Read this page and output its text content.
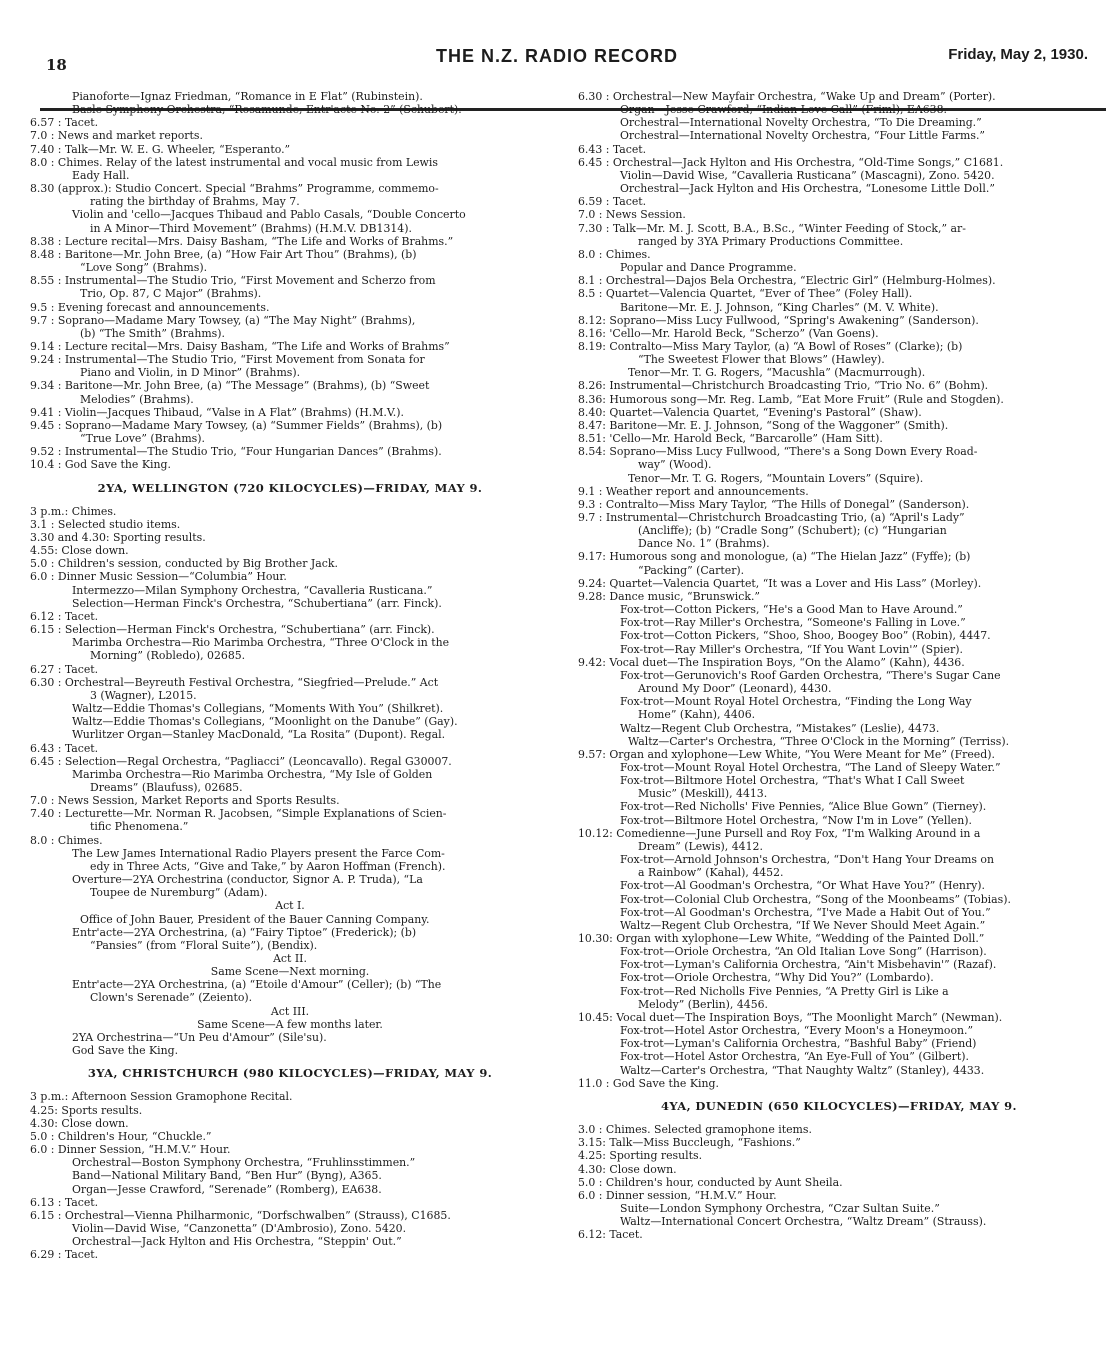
18	THE N.Z. RADIO RECORD	Friday, May 2, 1930.
Pianoforte—Ignaz Friedman, “Romance in E Flat” (Rubinstein).
Basle Symphony Orchestra, “Rosamunde, Entr'acte No. 2” (Schubert).
6.57 : Tacet.
7.0 : News and market reports.
7.40 : Talk—Mr. W. E. G. Wheeler, “Esperanto.”
8.0 : Chimes. Relay of the latest instrumental and vocal music from Lewis
Eady Hall.
8.30 (approx.): Studio Concert. Special “Brahms” Programme, commemo-
rating the birthday of Brahms, May 7.
Violin and 'cello—Jacques Thibaud and Pablo Casals, “Double Concerto
in A Minor—Third Movement” (Brahms) (H.M.V. DB1314).
8.38 : Lecture recital—Mrs. Daisy Basham, “The Life and Works of Brahms.”
8.48 : Baritone—Mr. John Bree, (a) “How Fair Art Thou” (Brahms), (b)
“Love Song” (Brahms).
8.55 : Instrumental—The Studio Trio, “First Movement and Scherzo from
Trio, Op. 87, C Major” (Brahms).
9.5 : Evening forecast and announcements.
9.7 : Soprano—Madame Mary Towsey, (a) “The May Night” (Brahms),
(b) “The Smith” (Brahms).
9.14 : Lecture recital—Mrs. Daisy Basham, “The Life and Works of Brahms”
9.24 : Instrumental—The Studio Trio, “First Movement from Sonata for
Piano and Violin, in D Minor” (Brahms).
9.34 : Baritone—Mr. John Bree, (a) “The Message” (Brahms), (b) “Sweet
Melodies” (Brahms).
9.41 : Violin—Jacques Thibaud, “Valse in A Flat” (Brahms) (H.M.V.).
9.45 : Soprano—Madame Mary Towsey, (a) “Summer Fields” (Brahms), (b)
“True Love” (Brahms).
9.52 : Instrumental—The Studio Trio, “Four Hungarian Dances” (Brahms).
10.4 : God Save the King.
2YA, WELLINGTON (720 KILOCYCLES)—FRIDAY, MAY 9.
3 p.m.: Chimes.
3.1 : Selected studio items.
3.30 and 4.30: Sporting results.
4.55: Close down.
5.0 : Children's session, conducted by Big Brother Jack.
6.0 : Dinner Music Session—“Columbia” Hour.
Intermezzo—Milan Symphony Orchestra, “Cavalleria Rusticana.”
Selection—Herman Finck's Orchestra, “Schubertiana” (arr. Finck).
6.12 : Tacet.
6.15 : Selection—Herman Finck's Orchestra, “Schubertiana” (arr. Finck).
Marimba Orchestra—Rio Marimba Orchestra, “Three O'Clock in the
Morning” (Robledo), 02685.
6.27 : Tacet.
6.30 : Orchestral—Beyreuth Festival Orchestra, “Siegfried—Prelude.” Act
3 (Wagner), L2015.
Waltz—Eddie Thomas's Collegians, “Moments With You” (Shilkret).
Waltz—Eddie Thomas's Collegians, “Moonlight on the Danube” (Gay).
Wurlitzer Organ—Stanley MacDonald, “La Rosita” (Dupont). Regal.
6.43 : Tacet.
6.45 : Selection—Regal Orchestra, “Pagliacci” (Leoncavallo). Regal G30007.
Marimba Orchestra—Rio Marimba Orchestra, “My Isle of Golden
Dreams” (Blaufuss), 02685.
7.0 : News Session, Market Reports and Sports Results.
7.40 : Lecturette—Mr. Norman R. Jacobsen, “Simple Explanations of Scien-
tific Phenomena.”
8.0 : Chimes.
The Lew James International Radio Players present the Farce Com-
edy in Three Acts, “Give and Take,” by Aaron Hoffman (French).
Overture—2YA Orchestrina (conductor, Signor A. P. Truda), “La
Toupee de Nuremburg” (Adam).
Act I.
Office of John Bauer, President of the Bauer Canning Company.
Entr'acte—2YA Orchestrina, (a) “Fairy Tiptoe” (Frederick); (b)
“Pansies” (from “Floral Suite”), (Bendix).
Act II.
Same Scene—Next morning.
Entr'acte—2YA Orchestrina, (a) “Etoile d'Amour” (Celler); (b) “The
Clown's Serenade” (Zeiento).
Act III.
Same Scene—A few months later.
2YA Orchestrina—“Un Peu d'Amour” (Sile'su).
God Save the King.
3YA, CHRISTCHURCH (980 KILOCYCLES)—FRIDAY, MAY 9.
3 p.m.: Afternoon Session Gramophone Recital.
4.25: Sports results.
4.30: Close down.
5.0 : Children's Hour, “Chuckle.”
6.0 : Dinner Session, “H.M.V.” Hour.
Orchestral—Boston Symphony Orchestra, “Fruhlinsstimmen.”
Band—National Military Band, “Ben Hur” (Byng), A365.
Organ—Jesse Crawford, “Serenade” (Romberg), EA638.
6.13 : Tacet.
6.15 : Orchestral—Vienna Philharmonic, “Dorfschwalben” (Strauss), C1685.
Violin—David Wise, “Canzonetta” (D'Ambrosio), Zono. 5420.
Orchestral—Jack Hylton and His Orchestra, “Steppin' Out.”
6.29 : Tacet.
6.30 : Orchestral—New Mayfair Orchestra, “Wake Up and Dream” (Porter).
Organ—Jesse Crawford, “Indian Love Call” (Friml), EA638.
Orchestral—International Novelty Orchestra, “To Die Dreaming.”
Orchestral—International Novelty Orchestra, “Four Little Farms.”
6.43 : Tacet.
6.45 : Orchestral—Jack Hylton and His Orchestra, “Old-Time Songs,” C1681.
Violin—David Wise, “Cavalleria Rusticana” (Mascagni), Zono. 5420.
Orchestral—Jack Hylton and His Orchestra, “Lonesome Little Doll.”
6.59 : Tacet.
7.0 : News Session.
7.30 : Talk—Mr. M. J. Scott, B.A., B.Sc., “Winter Feeding of Stock,” ar-
ranged by 3YA Primary Productions Committee.
8.0 : Chimes.
Popular and Dance Programme.
8.1 : Orchestral—Dajos Bela Orchestra, “Electric Girl” (Helmburg-Holmes).
8.5 : Quartet—Valencia Quartet, “Ever of Thee” (Foley Hall).
Baritone—Mr. E. J. Johnson, “King Charles” (M. V. White).
8.12: Soprano—Miss Lucy Fullwood, “Spring's Awakening” (Sanderson).
8.16: 'Cello—Mr. Harold Beck, “Scherzo” (Van Goens).
8.19: Contralto—Miss Mary Taylor, (a) “A Bowl of Roses” (Clarke); (b)
“The Sweetest Flower that Blows” (Hawley).
Tenor—Mr. T. G. Rogers, “Macushla” (Macmurrough).
8.26: Instrumental—Christchurch Broadcasting Trio, “Trio No. 6” (Bohm).
8.36: Humorous song—Mr. Reg. Lamb, “Eat More Fruit” (Rule and Stogden).
8.40: Quartet—Valencia Quartet, “Evening's Pastoral” (Shaw).
8.47: Baritone—Mr. E. J. Johnson, “Song of the Waggoner” (Smith).
8.51: 'Cello—Mr. Harold Beck, “Barcarolle” (Ham Sitt).
8.54: Soprano—Miss Lucy Fullwood, “There's a Song Down Every Road-
way” (Wood).
Tenor—Mr. T. G. Rogers, “Mountain Lovers” (Squire).
9.1 : Weather report and announcements.
9.3 : Contralto—Miss Mary Taylor, “The Hills of Donegal” (Sanderson).
9.7 : Instrumental—Christchurch Broadcasting Trio, (a) “April's Lady”
(Ancliffe); (b) “Cradle Song” (Schubert); (c) “Hungarian
Dance No. 1” (Brahms).
9.17: Humorous song and monologue, (a) “The Hielan Jazz” (Fyffe); (b)
“Packing” (Carter).
9.24: Quartet—Valencia Quartet, “It was a Lover and His Lass” (Morley).
9.28: Dance music, “Brunswick.”
Fox-trot—Cotton Pickers, “He's a Good Man to Have Around.”
Fox-trot—Ray Miller's Orchestra, “Someone's Falling in Love.”
Fox-trot—Cotton Pickers, “Shoo, Shoo, Boogey Boo” (Robin), 4447.
Fox-trot—Ray Miller's Orchestra, “If You Want Lovin'” (Spier).
9.42: Vocal duet—The Inspiration Boys, “On the Alamo” (Kahn), 4436.
Fox-trot—Gerunovich's Roof Garden Orchestra, “There's Sugar Cane
Around My Door” (Leonard), 4430.
Fox-trot—Mount Royal Hotel Orchestra, “Finding the Long Way
Home” (Kahn), 4406.
Waltz—Regent Club Orchestra, “Mistakes” (Leslie), 4473.
Waltz—Carter's Orchestra, “Three O'Clock in the Morning” (Terriss).
9.57: Organ and xylophone—Lew White, “You Were Meant for Me” (Freed).
Fox-trot—Mount Royal Hotel Orchestra, “The Land of Sleepy Water.”
Fox-trot—Biltmore Hotel Orchestra, “That's What I Call Sweet
Music” (Meskill), 4413.
Fox-trot—Red Nicholls' Five Pennies, “Alice Blue Gown” (Tierney).
Fox-trot—Biltmore Hotel Orchestra, “Now I'm in Love” (Yellen).
10.12: Comedienne—June Pursell and Roy Fox, “I'm Walking Around in a
Dream” (Lewis), 4412.
Fox-trot—Arnold Johnson's Orchestra, “Don't Hang Your Dreams on
a Rainbow” (Kahal), 4452.
Fox-trot—Al Goodman's Orchestra, “Or What Have You?” (Henry).
Fox-trot—Colonial Club Orchestra, “Song of the Moonbeams” (Tobias).
Fox-trot—Al Goodman's Orchestra, “I've Made a Habit Out of You.”
Waltz—Regent Club Orchestra, “If We Never Should Meet Again.”
10.30: Organ with xylophone—Lew White, “Wedding of the Painted Doll.”
Fox-trot—Oriole Orchestra, “An Old Italian Love Song” (Harrison).
Fox-trot—Lyman's California Orchestra, “Ain't Misbehavin'” (Razaf).
Fox-trot—Oriole Orchestra, “Why Did You?” (Lombardo).
Fox-trot—Red Nicholls Five Pennies, “A Pretty Girl is Like a
Melody” (Berlin), 4456.
10.45: Vocal duet—The Inspiration Boys, “The Moonlight March” (Newman).
Fox-trot—Hotel Astor Orchestra, “Every Moon's a Honeymoon.”
Fox-trot—Lyman's California Orchestra, “Bashful Baby” (Friend)
Fox-trot—Hotel Astor Orchestra, “An Eye-Full of You” (Gilbert).
Waltz—Carter's Orchestra, “That Naughty Waltz” (Stanley), 4433.
11.0 : God Save the King.
4YA, DUNEDIN (650 KILOCYCLES)—FRIDAY, MAY 9.
3.0 : Chimes. Selected gramophone items.
3.15: Talk—Miss Buccleugh, “Fashions.”
4.25: Sporting results.
4.30: Close down.
5.0 : Children's hour, conducted by Aunt Sheila.
6.0 : Dinner session, “H.M.V.” Hour.
Suite—London Symphony Orchestra, “Czar Sultan Suite.”
Waltz—International Concert Orchestra, “Waltz Dream” (Strauss).
6.12: Tacet.
